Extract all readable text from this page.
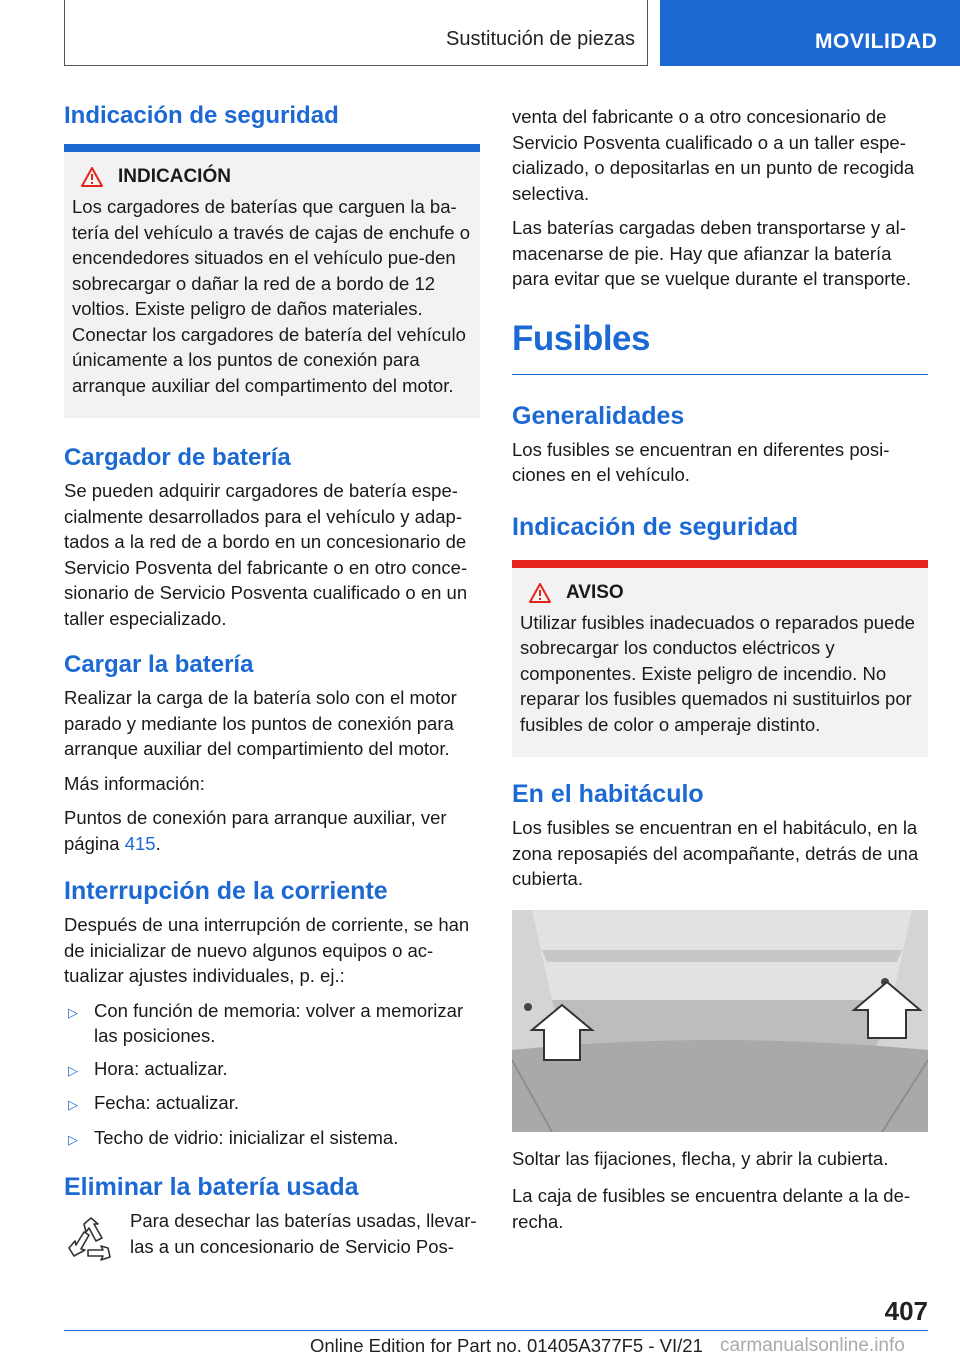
Sustitución de piezas	MOVILIDAD
Indicación de seguridad
INDICACIÓN

Los cargadores de baterías que carguen la ba-tería del vehículo a través de cajas de enchufe o encendedores situados en el vehículo pue-den sobrecargar o dañar la red de a bordo de 12 voltios. Existe peligro de daños materiales. Conectar los cargadores de batería del vehículo únicamente a los puntos de conexión para arranque auxiliar del compartimento del motor.

Cargador de batería

Se pueden adquirir cargadores de batería espe-cialmente desarrollados para el vehículo y adap-tados a la red de a bordo en un concesionario de Servicio Posventa del fabricante o en otro conce-sionario de Servicio Posventa cualificado o en un taller especializado.

Cargar la batería

Realizar la carga de la batería solo con el motor parado y mediante los puntos de conexión para arranque auxiliar del compartimiento del motor.

Más información:

Puntos de conexión para arranque auxiliar, ver página 415.

Interrupción de la corriente

Después de una interrupción de corriente, se han de inicializar de nuevo algunos equipos o ac-tualizar ajustes individuales, p. ej.:

▷ Con función de memoria: volver a memorizar las posiciones.
▷ Hora: actualizar.
▷ Fecha: actualizar.
▷ Techo de vidrio: inicializar el sistema.
Eliminar la batería usada

Para desechar las baterías usadas, llevar-las a un concesionario de Servicio Pos-

venta del fabricante o a otro concesionario de Servicio Posventa cualificado o a un taller espe-cializado, o depositarlas en un punto de recogida selectiva.

Las baterías cargadas deben transportarse y al-macenarse de pie. Hay que afianzar la batería para evitar que se vuelque durante el transporte.

Fusibles
Generalidades

Los fusibles se encuentran en diferentes posi-ciones en el vehículo.

Indicación de seguridad
AVISO

Utilizar fusibles inadecuados o reparados puede sobrecargar los conductos eléctricos y componentes. Existe peligro de incendio. No reparar los fusibles quemados ni sustituirlos por fusibles de color o amperaje distinto.

En el habitáculo

Los fusibles se encuentran en el habitáculo, en la zona reposapiés del acompañante, detrás de una cubierta.

Soltar las fijaciones, flecha, y abrir la cubierta.

La caja de fusibles se encuentra delante a la de-recha.

407
Online Edition for Part no. 01405A377F5 - VI/21 carmanualsonline.info
